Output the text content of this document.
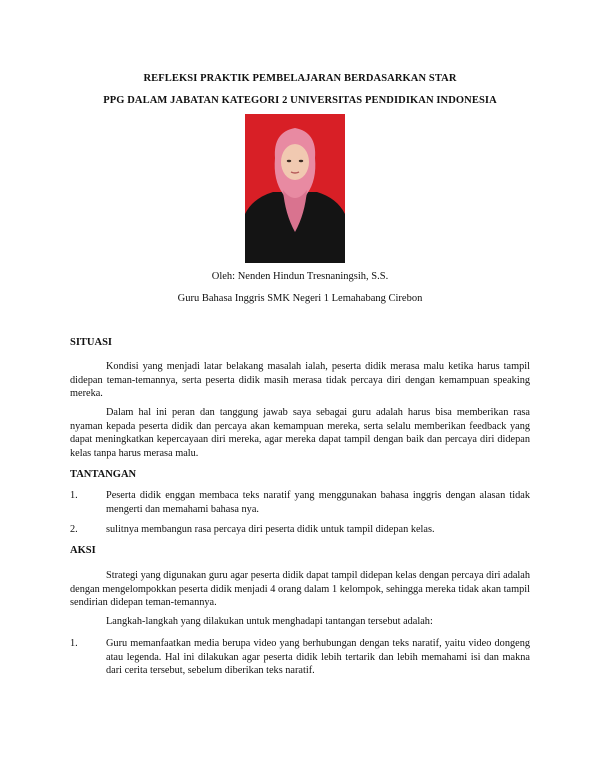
REFLEKSI PRAKTIK PEMBELAJARAN BERDASARKAN STAR
PPG DALAM JABATAN KATEGORI 2 UNIVERSITAS PENDIDIKAN INDONESIA
Oleh: Nenden Hindun Tresnaningsih, S.S.
Guru Bahasa Inggris SMK Negeri 1 Lemahabang Cirebon
SITUASI
Kondisi yang menjadi latar belakang masalah ialah, peserta didik merasa malu ketika harus tampil didepan teman-temannya, serta peserta didik masih merasa tidak percaya diri dengan kemampuan speaking mereka.
Dalam hal ini peran dan tanggung jawab saya sebagai guru adalah harus bisa memberikan rasa nyaman kepada peserta didik dan percaya akan kemampuan mereka, serta selalu memberikan feedback yang dapat meningkatkan kepercayaan diri mereka, agar mereka dapat tampil dengan baik dan percaya diri didepan kelas tanpa harus merasa malu.
TANTANGAN
1.	Peserta didik enggan membaca teks naratif yang menggunakan bahasa inggris dengan alasan tidak mengerti dan memahami bahasa nya.
2.	sulitnya membangun rasa percaya diri peserta didik untuk tampil didepan kelas.
AKSI
Strategi yang digunakan guru agar peserta didik dapat tampil didepan kelas dengan percaya diri adalah dengan mengelompokkan peserta didik menjadi 4 orang dalam 1 kelompok, sehingga mereka tidak akan tampil sendirian didepan teman-temannya.
Langkah-langkah yang dilakukan untuk menghadapi tantangan tersebut adalah:
1.	Guru memanfaatkan media berupa video yang berhubungan dengan teks naratif, yaitu video dongeng atau legenda. Hal ini dilakukan agar peserta didik lebih tertarik dan lebih memahami isi dan makna dari cerita tersebut, sebelum diberikan teks naratif.
